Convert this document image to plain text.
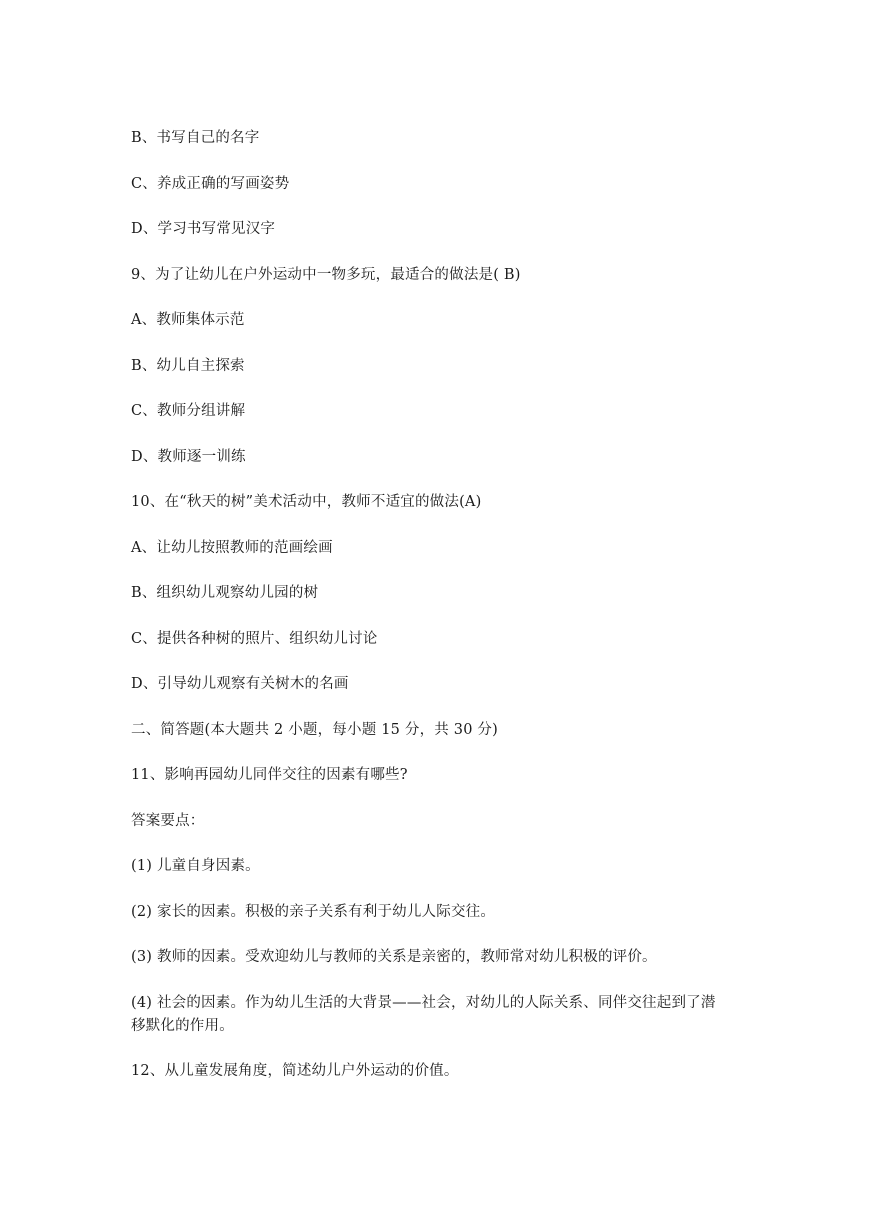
B、书写自己的名字
C、养成正确的写画姿势
D、学习书写常见汉字
9、为了让幼儿在户外运动中一物多玩，最适合的做法是( B)
A、教师集体示范
B、幼儿自主探索
C、教师分组讲解
D、教师逐一训练
10、在“秋天的树”美术活动中，教师不适宜的做法(A)
A、让幼儿按照教师的范画绘画
B、组织幼儿观察幼儿园的树
C、提供各种树的照片、组织幼儿讨论
D、引导幼儿观察有关树木的名画
二、简答题(本大题共 2 小题，每小题 15 分，共 30 分)
11、影响再园幼儿同伴交往的因素有哪些?
答案要点：
(1) 儿童自身因素。
(2) 家长的因素。积极的亲子关系有利于幼儿人际交往。
(3) 教师的因素。受欢迎幼儿与教师的关系是亲密的，教师常对幼儿积极的评价。
(4) 社会的因素。作为幼儿生活的大背景——社会，对幼儿的人际关系、同伴交往起到了潜
移默化的作用。
12、从儿童发展角度，简述幼儿户外运动的价值。
